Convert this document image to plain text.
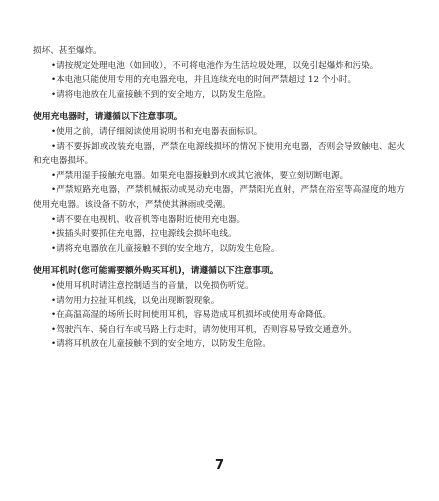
损坏、甚至爆炸。

•请按规定处理电池（如回收），不可将电池作为生活垃圾处理，以免引起爆炸和污染。

•本电池只能使用专用的充电器充电，并且连续充电的时间严禁超过 12 个小时。

•请将电池放在儿童接触不到的安全地方，以防发生危险。

使用充电器时，请遵循以下注意事项。

•使用之前，请仔细阅读使用说明书和充电器表面标识。

•请不要拆卸或改装充电器，严禁在电源线损坏的情况下使用充电器，否则会导致触电、起火和充电器损坏。

•严禁用湿手接触充电器。如果充电器接触到水或其它液体，要立刻切断电源。

•严禁短路充电器，严禁机械振动或晃动充电器，严禁阳光直射，严禁在浴室等高湿度的地方使用充电器。该设备不防水，严禁使其淋雨或受潮。

•请不要在电视机、收音机等电器附近使用充电器。

•拔插头时要抓住充电器，拉电源线会损坏电线。

•请将充电器放在儿童接触不到的安全地方，以防发生危险。

使用耳机时(您可能需要额外购买耳机)，请遵循以下注意事项。

•使用耳机时请注意控制适当的音量，以免损伤听觉。

•请勿用力拉扯耳机线，以免出现断裂现象。

•在高温高湿的场所长时间使用耳机，容易造成耳机损坏或使用寿命降低。

•驾驶汽车、骑自行车或马路上行走时，请勿使用耳机，否则容易导致交通意外。

•请将耳机放在儿童接触不到的安全地方，以防发生危险。

7
